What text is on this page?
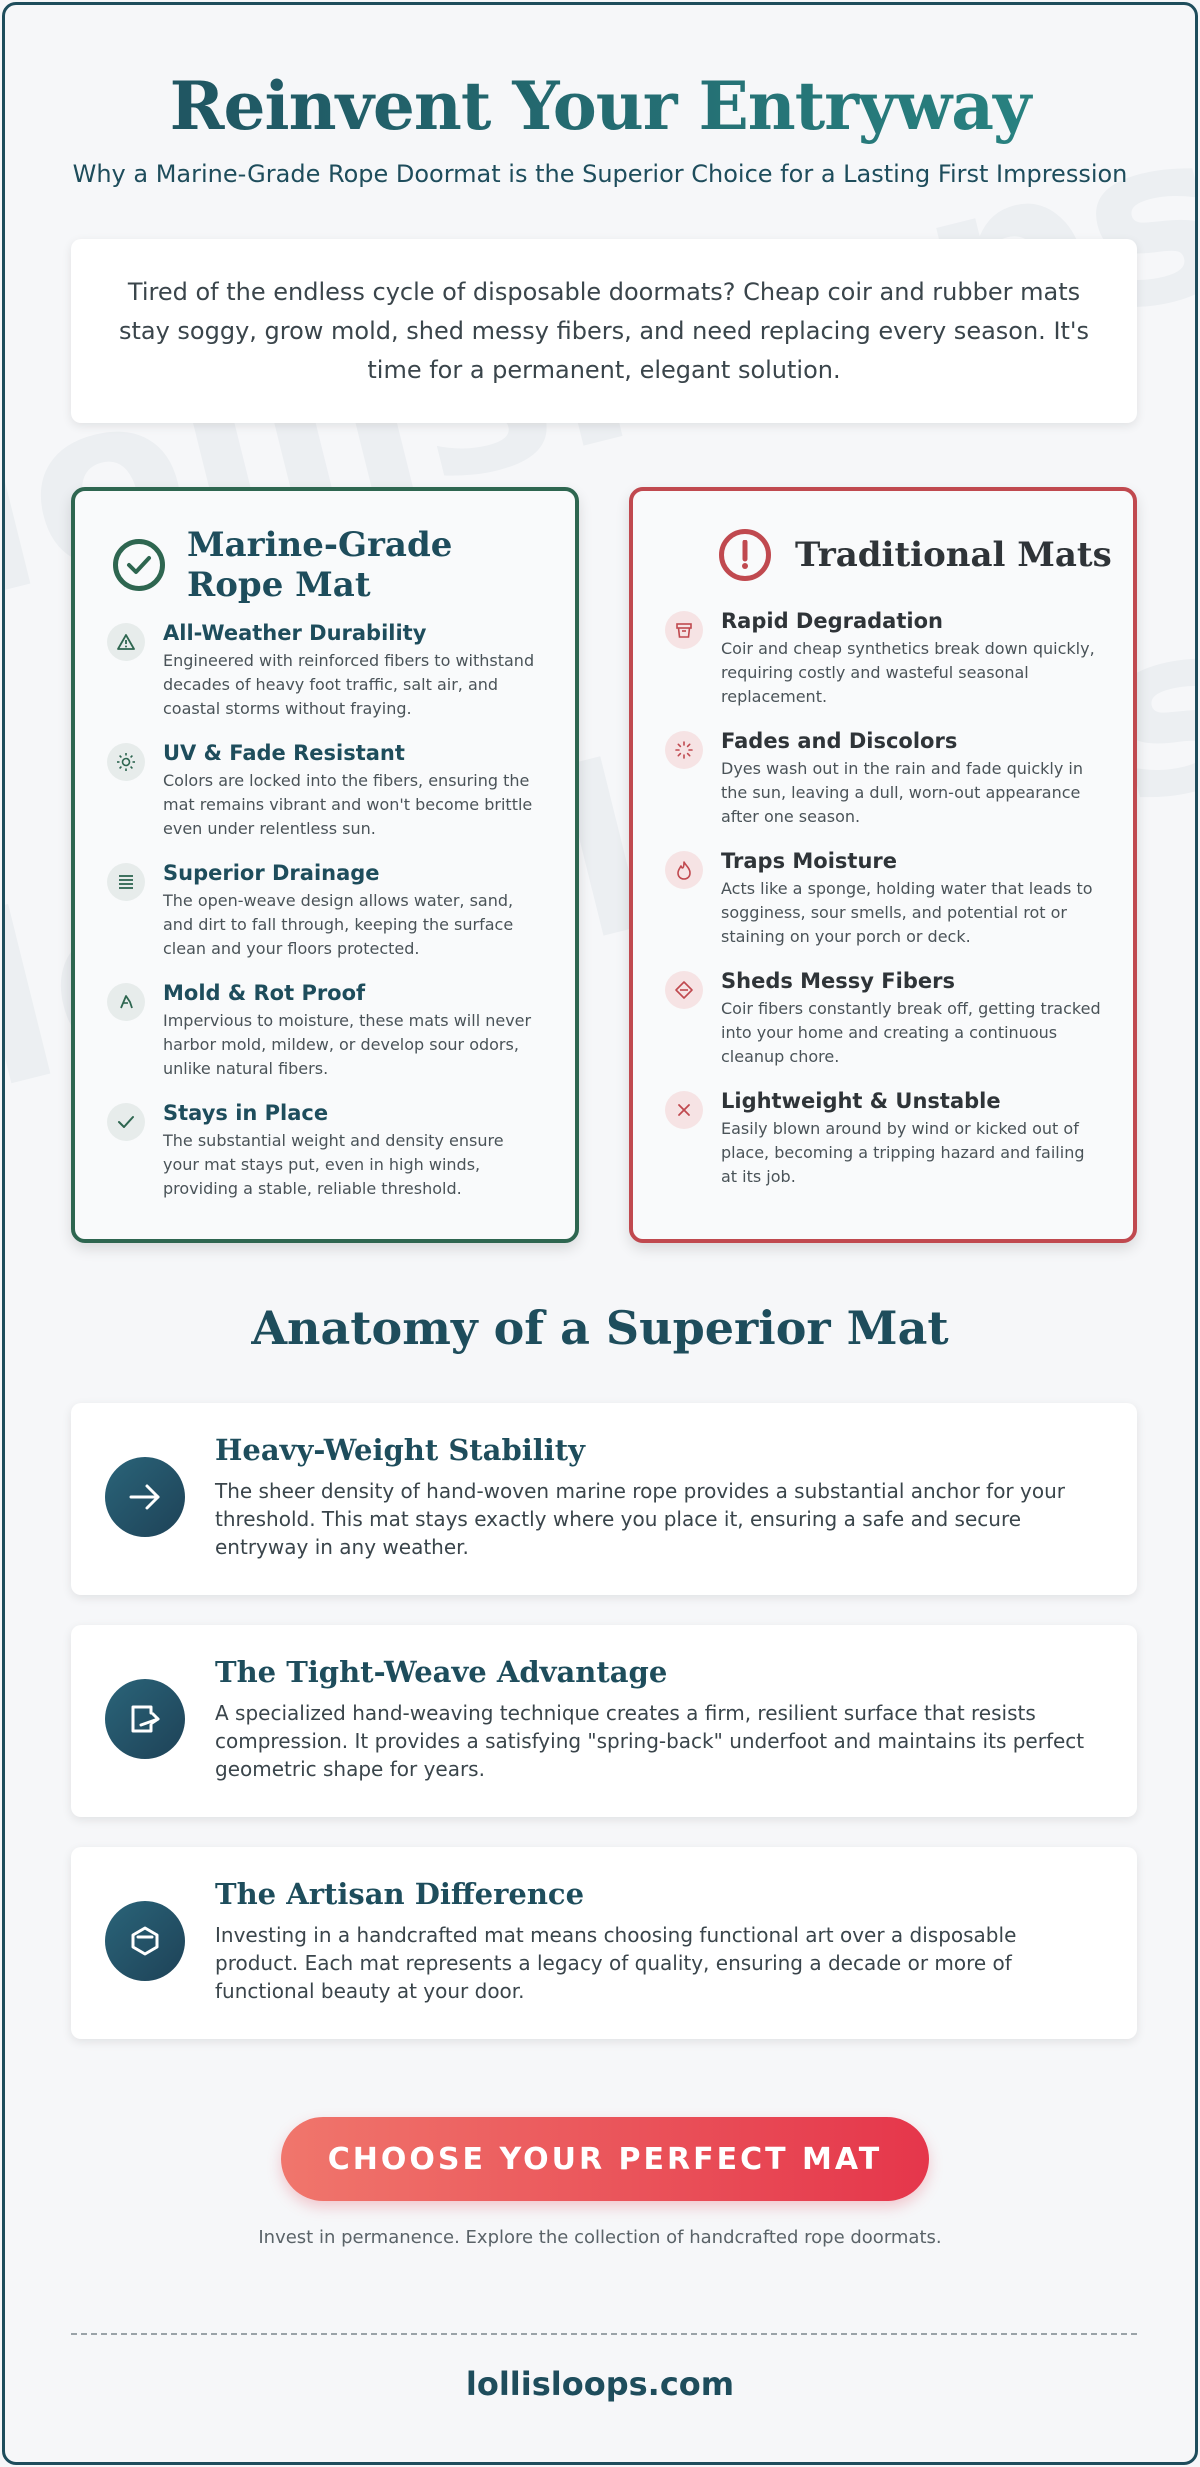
Reinvent Your Entryway
Why a Marine-Grade Rope Doormat is the Superior Choice for a Lasting First Impression
Tired of the endless cycle of disposable doormats? Cheap coir and rubber mats stay soggy, grow mold, shed messy fibers, and need replacing every season. It's time for a permanent, elegant solution.
Marine-Grade Rope Mat
All-Weather Durability
Engineered with reinforced fibers to withstand decades of heavy foot traffic, salt air, and coastal storms without fraying.
UV & Fade Resistant
Colors are locked into the fibers, ensuring the mat remains vibrant and won't become brittle even under relentless sun.
Superior Drainage
The open-weave design allows water, sand, and dirt to fall through, keeping the surface clean and your floors protected.
Mold & Rot Proof
Impervious to moisture, these mats will never harbor mold, mildew, or develop sour odors, unlike natural fibers.
Stays in Place
The substantial weight and density ensure your mat stays put, even in high winds, providing a stable, reliable threshold.
Traditional Mats
Rapid Degradation
Coir and cheap synthetics break down quickly, requiring costly and wasteful seasonal replacement.
Fades and Discolors
Dyes wash out in the rain and fade quickly in the sun, leaving a dull, worn-out appearance after one season.
Traps Moisture
Acts like a sponge, holding water that leads to sogginess, sour smells, and potential rot or staining on your porch or deck.
Sheds Messy Fibers
Coir fibers constantly break off, getting tracked into your home and creating a continuous cleanup chore.
Lightweight & Unstable
Easily blown around by wind or kicked out of place, becoming a tripping hazard and failing at its job.
Anatomy of a Superior Mat
Heavy-Weight Stability
The sheer density of hand-woven marine rope provides a substantial anchor for your threshold. This mat stays exactly where you place it, ensuring a safe and secure entryway in any weather.
The Tight-Weave Advantage
A specialized hand-weaving technique creates a firm, resilient surface that resists compression. It provides a satisfying "spring-back" underfoot and maintains its perfect geometric shape for years.
The Artisan Difference
Investing in a handcrafted mat means choosing functional art over a disposable product. Each mat represents a legacy of quality, ensuring a decade or more of functional beauty at your door.
CHOOSE YOUR PERFECT MAT
Invest in permanence. Explore the collection of handcrafted rope doormats.
lollisloops.com
